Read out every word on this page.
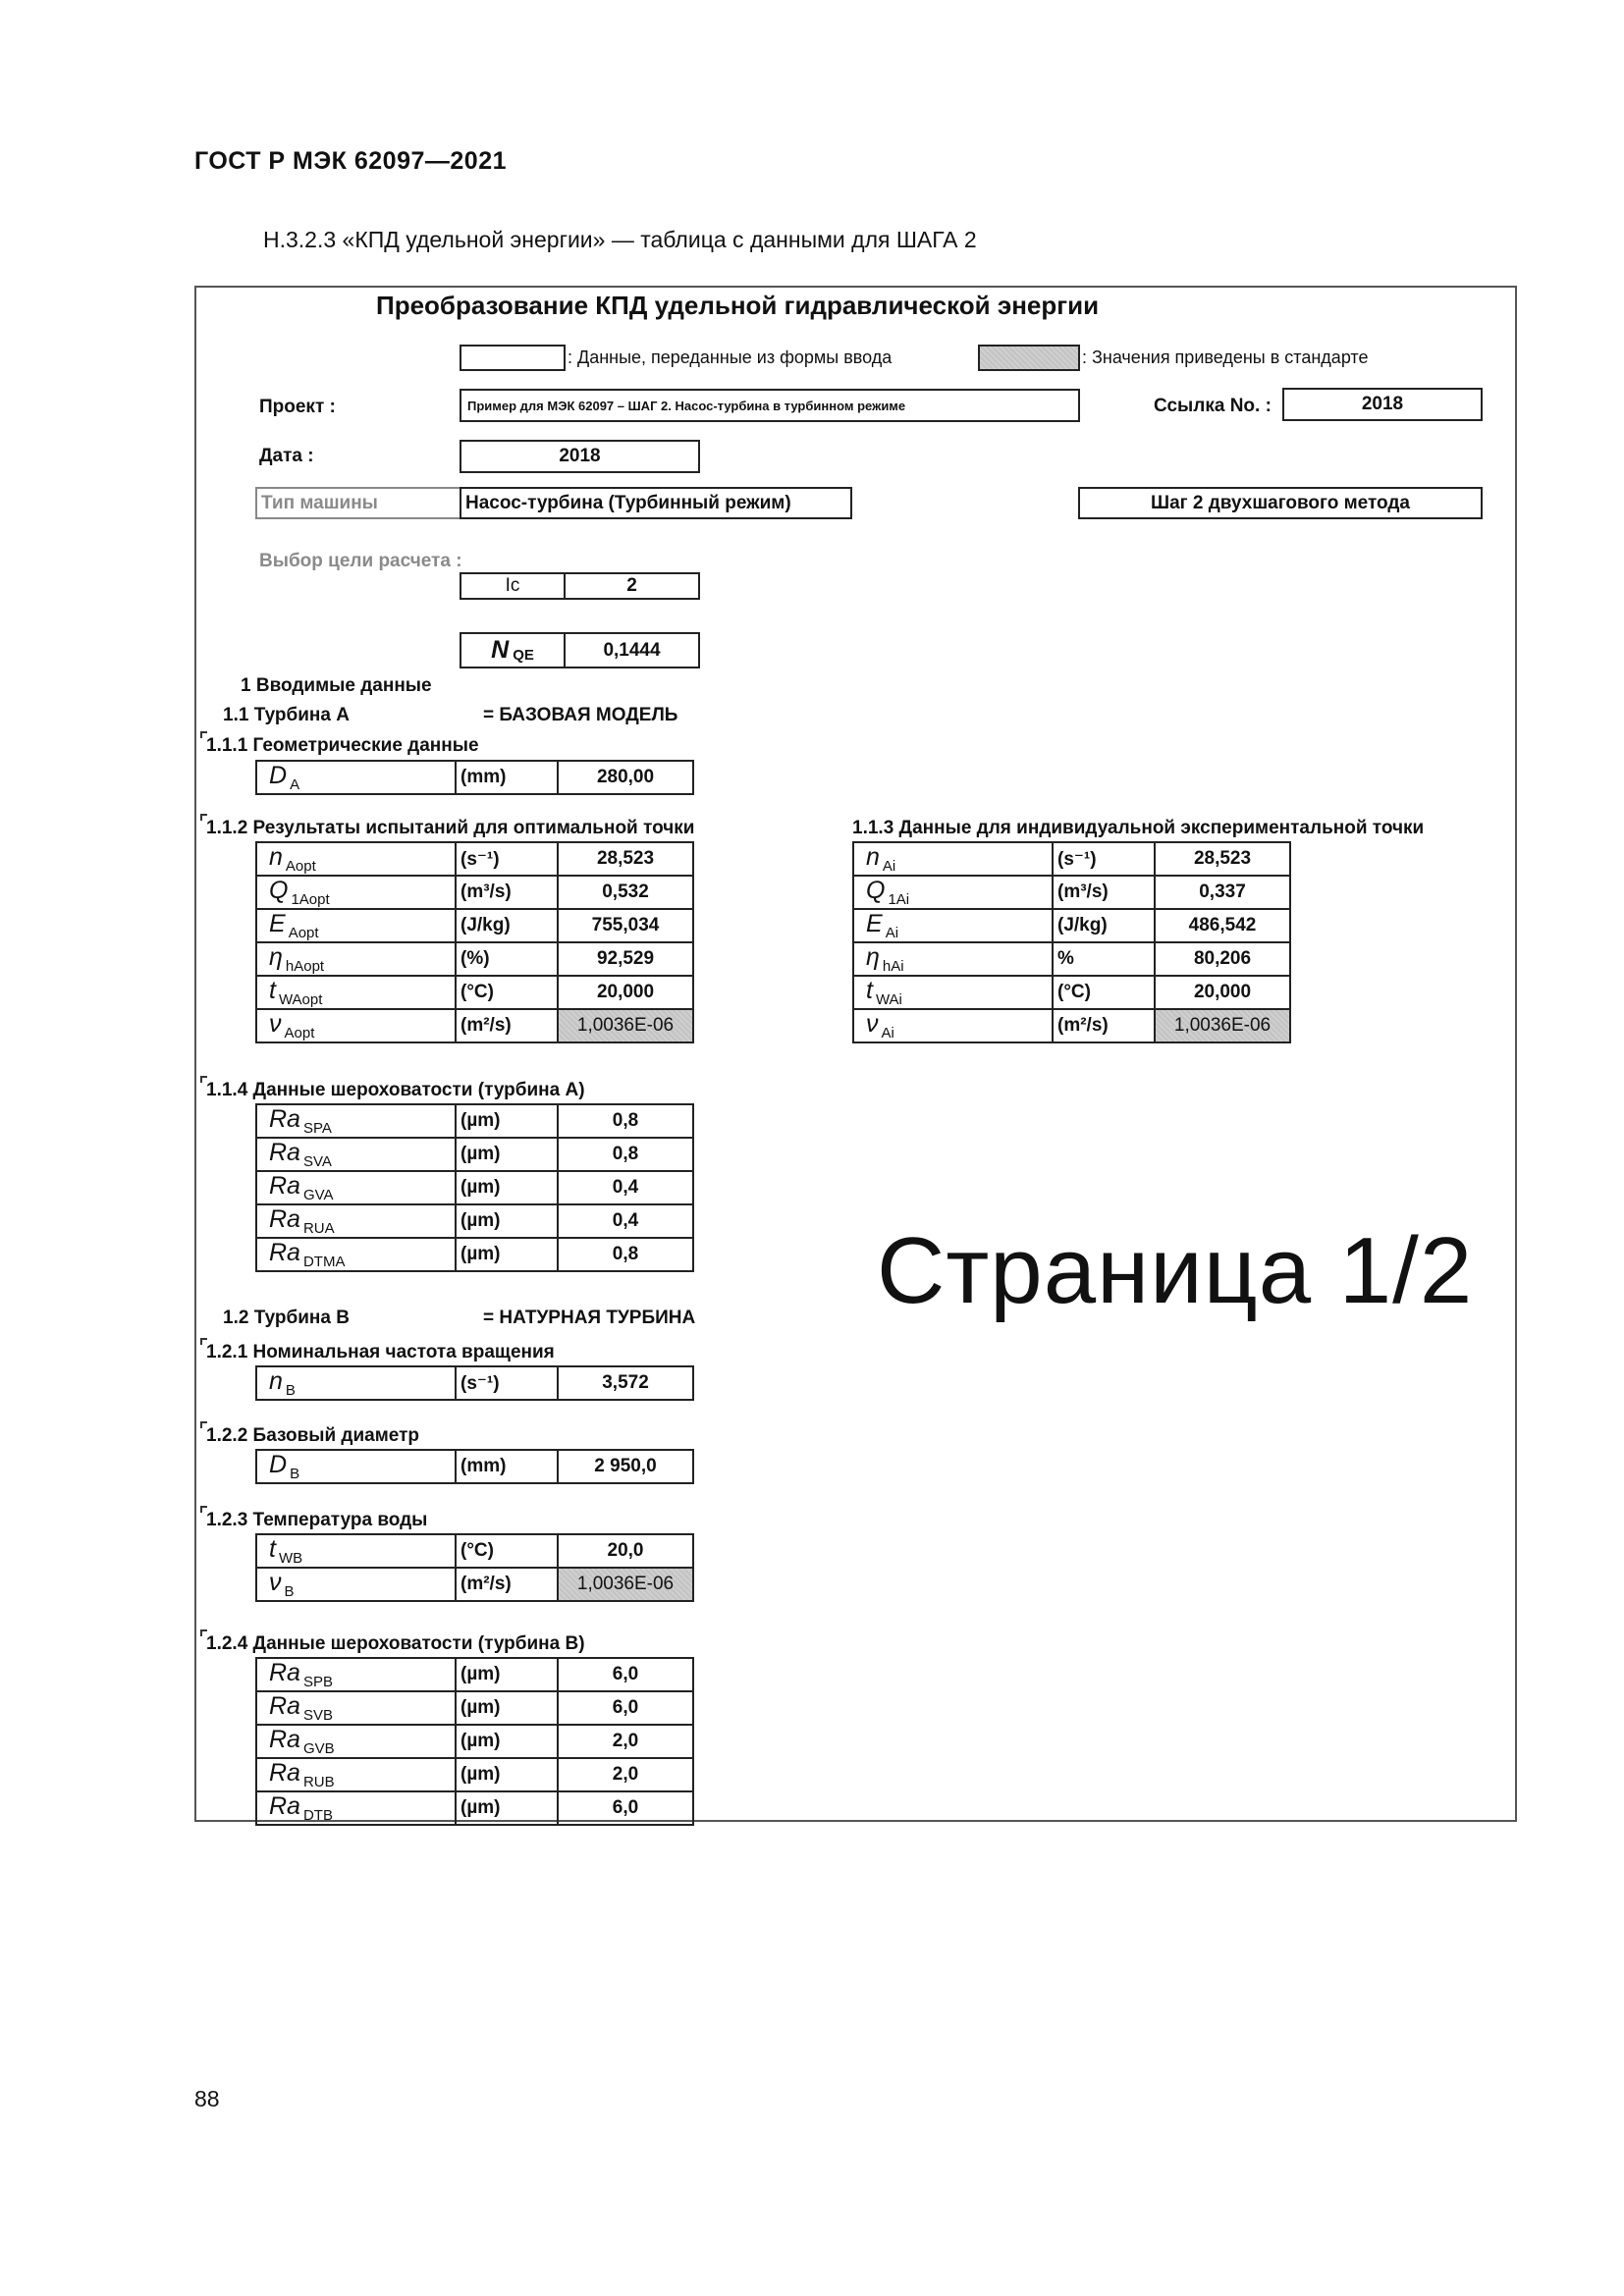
ГОСТ Р МЭК 62097—2021
Н.3.2.3 «КПД удельной энергии» — таблица с данными для ШАГА 2
Преобразование КПД удельной гидравлической энергии
: Данные, переданные из формы ввода	: Значения приведены в стандарте
Проект :	Пример для МЭК 62097 – ШАГ 2. Насос-турбина в турбинном режиме	Ссылка No. :	2018
Дата :	2018
Тип машины	Насос-турбина (Турбинный режим)	Шаг 2 двухшагового метода
Выбор цели расчета :
Ic	2
N QE	0,1444
1 Вводимые данные
1.1 Турбина А	= БАЗОВАЯ МОДЕЛЬ
1.1.1 Геометрические данные
D $_A$	(mm)	280,00
1.1.2 Результаты испытаний для оптимальной точки
n $_{Aopt}$	(s⁻¹)	28,523
Q $_{1Aopt}$	(m³/s)	0,532
E $_{Aopt}$	(J/kg)	755,034
η $_{hAopt}$	(%)	92,529
t $_{WAopt}$	(°C)	20,000
ν $_{Aopt}$	(m²/s)	1,0036E-06
1.1.3 Данные для индивидуальной экспериментальной точки
n $_{Ai}$	(s⁻¹)	28,523
Q $_{1Ai}$	(m³/s)	0,337
E $_{Ai}$	(J/kg)	486,542
η $_{hAi}$	%	80,206
t $_{WAi}$	(°C)	20,000
ν $_{Ai}$	(m²/s)	1,0036E-06
1.1.4 Данные шероховатости (турбина А)
Ra $_{SPA}$	(µm)	0,8
Ra $_{SVA}$	(µm)	0,8
Ra $_{GVA}$	(µm)	0,4
Ra $_{RUA}$	(µm)	0,4
Ra $_{DTMA}$	(µm)	0,8	Страница 1/2
1.2 Турбина В	= НАТУРНАЯ ТУРБИНА
1.2.1 Номинальная частота вращения
n $_B$	(s⁻¹)	3,572
1.2.2 Базовый диаметр
D $_B$	(mm)	2 950,0
1.2.3 Температура воды
t $_{WB}$	(°C)	20,0
ν $_B$	(m²/s)	1,0036E-06
1.2.4 Данные шероховатости (турбина В)
Ra $_{SPB}$	(µm)	6,0
Ra $_{SVB}$	(µm)	6,0
Ra $_{GVB}$	(µm)	2,0
Ra $_{RUB}$	(µm)	2,0
Ra $_{DTB}$	(µm)	6,0
88
